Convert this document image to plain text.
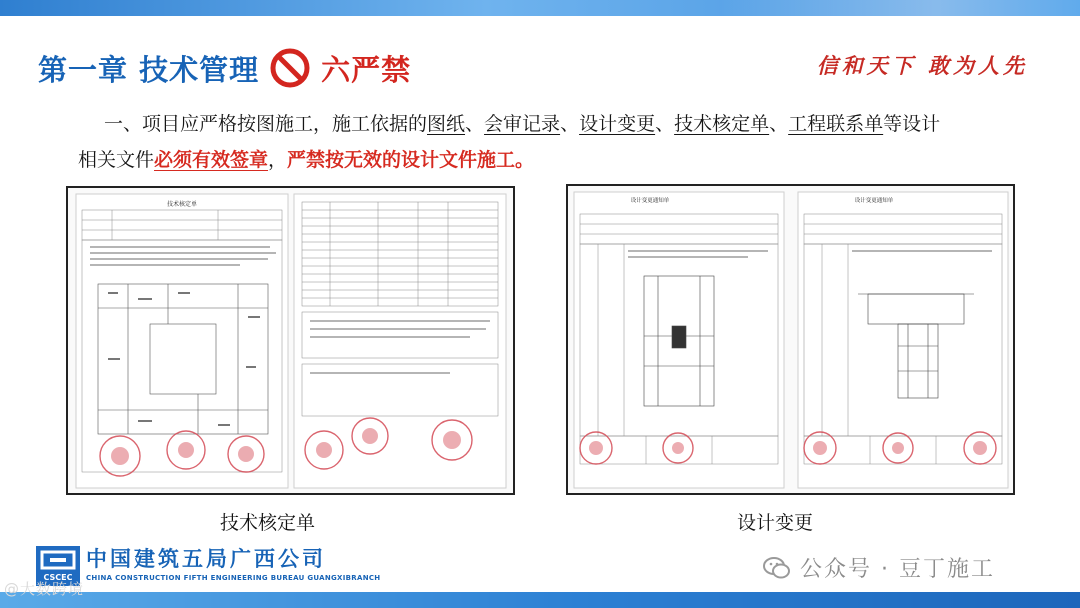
第一章 技术管理 六严禁	信和天下 敢为人先
一、项目应严格按图施工，施工依据的图纸、会审记录、设计变更、技术核定单、工程联系单等设计
相关文件必须有效签章，严禁按无效的设计文件施工。
技术核定单	设计变更通知单	设计变更通知单
技术核定单	设计变更
CSCEC
中国建筑五局广西公司
CHINA CONSTRUCTION FIFTH ENGINEERING BUREAU GUANGXIBRANCH	公众号 · 豆丁施工
@大数跨境
